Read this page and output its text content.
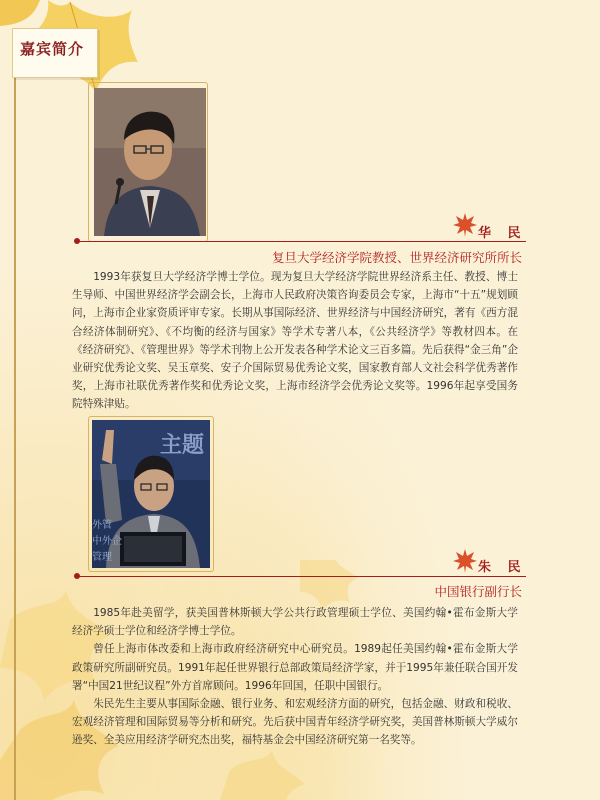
嘉宾简介
华 民
复旦大学经济学院教授、世界经济研究所所长

1993年获复旦大学经济学博士学位。现为复旦大学经济学院世界经济系主任、教授、博士生导师、中国世界经济学会副会长，上海市人民政府决策咨询委员会专家，上海市“十五”规划顾问，上海市企业家资质评审专家。长期从事国际经济、世界经济与中国经济研究，著有《西方混合经济体制研究》、《不均衡的经济与国家》等学术专著八本，《公共经济学》等教材四本。在《经济研究》、《管理世界》等学术刊物上公开发表各种学术论文三百多篇。先后获得“金三角”企业研究优秀论文奖、吴玉章奖、安子介国际贸易优秀论文奖，国家教育部人文社会科学优秀著作奖，上海市社联优秀著作奖和优秀论文奖，上海市经济学会优秀论文奖等。1996年起享受国务院特殊津贴。

主题
外管
中外企
管理
朱 民
中国银行副行长

1985年赴美留学，获美国普林斯顿大学公共行政管理硕士学位、美国约翰•霍布金斯大学经济学硕士学位和经济学博士学位。

曾任上海市体改委和上海市政府经济研究中心研究员。1989起任美国约翰•霍布金斯大学政策研究所副研究员。1991年起任世界银行总部政策局经济学家，并于1995年兼任联合国开发署“中国21世纪议程”外方首席顾问。1996年回国，任职中国银行。

朱民先生主要从事国际金融、银行业务、和宏观经济方面的研究，包括金融、财政和税收、宏观经济管理和国际贸易等分析和研究。先后获中国青年经济学研究奖，美国普林斯顿大学威尔逊奖、全美应用经济学研究杰出奖，福特基金会中国经济研究第一名奖等。
